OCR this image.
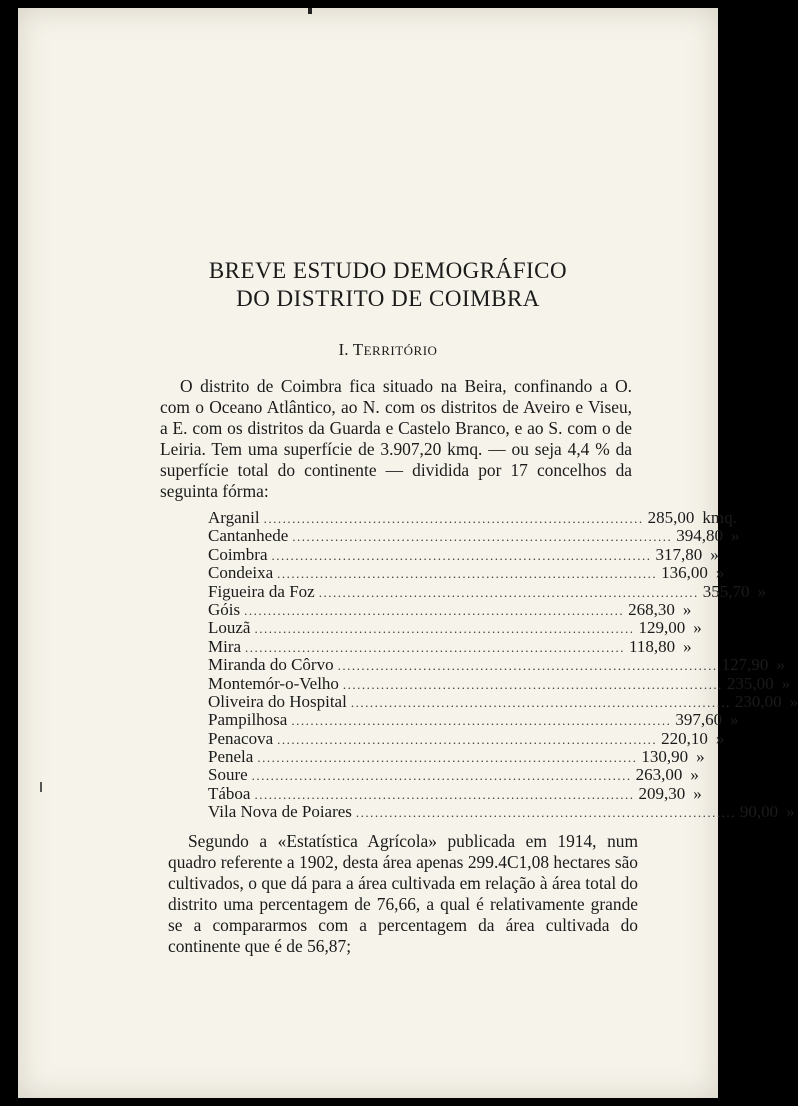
BREVE ESTUDO DEMOGRÁFICO
DO DISTRITO DE COIMBRA
I. TERRITÓRIO
O distrito de Coimbra fica situado na Beira, confinando a O. com o Oceano Atlântico, ao N. com os distritos de Aveiro e Viseu, a E. com os distritos da Guarda e Castelo Branco, e ao S. com o de Leiria. Tem uma superfície de 3.907,20 kmq. — ou seja 4,4 % da superfície total do continente — dividida por 17 concelhos da seguinta fórma:
Arganil ................................................................................ 285,00 kmq.
Cantanhede ................................................................................ 394,80 »
Coimbra ................................................................................ 317,80 »
Condeixa ................................................................................ 136,00 »
Figueira da Foz ................................................................................ 355,70 »
Góis ................................................................................ 268,30 »
Louzã ................................................................................ 129,00 »
Mira ................................................................................ 118,80 »
Miranda do Côrvo ................................................................................ 127,90 »
Montemór-o-Velho ................................................................................ 235,00 »
Oliveira do Hospital ................................................................................ 230,00 »
Pampilhosa ................................................................................ 397,60 »
Penacova ................................................................................ 220,10 »
Penela ................................................................................ 130,90 »
Soure ................................................................................ 263,00 »
Táboa ................................................................................ 209,30 »
Vila Nova de Poiares ................................................................................ 90,00 »
Segundo a «Estatística Agrícola» publicada em 1914, num quadro referente a 1902, desta área apenas 299.4C1,08 hectares são cultivados, o que dá para a área cultivada em relação à área total do distrito uma percentagem de 76,66, a qual é relativamente grande se a compararmos com a percentagem da área cultivada do continente que é de 56,87;
